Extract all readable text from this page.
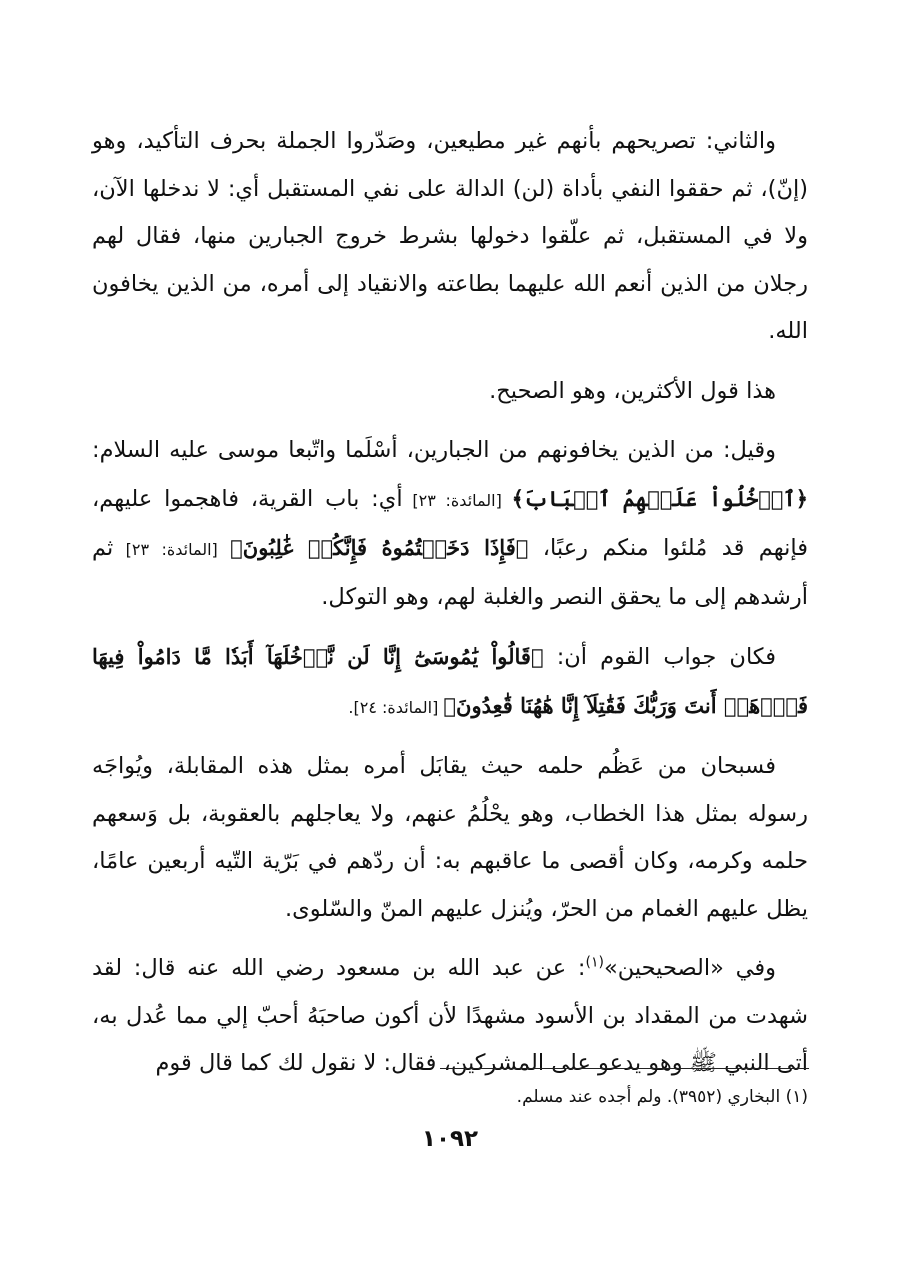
والثاني: تصريحهم بأنهم غير مطيعين، وصَدّروا الجملة بحرف التأكيد، وهو (إنّ)، ثم حققوا النفي بأداة (لن) الدالة على نفي المستقبل أي: لا ندخلها الآن، ولا في المستقبل، ثم علّقوا دخولها بشرط خروج الجبارين منها، فقال لهم رجلان من الذين أنعم الله عليهما بطاعته والانقياد إلى أمره، من الذين يخافون الله.

هذا قول الأكثرين، وهو الصحيح.

وقيل: من الذين يخافونهم من الجبارين، أسْلَما واتّبعا موسى عليه السلام: ﴿ٱدۡخُلُواْ عَلَيۡهِمُ ٱلۡبَابَ﴾ [المائدة: ٢٣] أي: باب القرية، فاهجموا عليهم، فإنهم قد مُلئوا منكم رعبًا، ﴿فَإِذَا دَخَلۡتُمُوهُ فَإِنَّكُمۡ غَٰلِبُونَ﴾ [المائدة: ٢٣] ثم أرشدهم إلى ما يحقق النصر والغلبة لهم، وهو التوكل.

فكان جواب القوم أن: ﴿قَالُواْ يَٰمُوسَىٰٓ إِنَّا لَن نَّدۡخُلَهَآ أَبَدٗا مَّا دَامُواْ فِيهَا فَٱذۡهَبۡ أَنتَ وَرَبُّكَ فَقَٰتِلَآ إِنَّا هَٰهُنَا قَٰعِدُونَ﴾ [المائدة: ٢٤].

فسبحان من عَظُم حلمه حيث يقابَل أمره بمثل هذه المقابلة، ويُواجَه رسوله بمثل هذا الخطاب، وهو يحْلُمُ عنهم، ولا يعاجلهم بالعقوبة، بل وَسعهم حلمه وكرمه، وكان أقصى ما عاقبهم به: أن ردّهم في بَرّية التّيه أربعين عامًا، يظل عليهم الغمام من الحرّ، ويُنزل عليهم المنّ والسّلوى.

وفي «الصحيحين»$^{(١)}$: عن عبد الله بن مسعود رضي الله عنه قال: لقد شهدت من المقداد بن الأسود مشهدًا لأن أكون صاحبَهُ أحبّ إلي مما عُدل به، أتى النبي ﷺ وهو يدعو على المشركين، فقال: لا نقول لك كما قال قوم

(١) البخاري (٣٩٥٢). ولم أجده عند مسلم.
١٠٩٢
